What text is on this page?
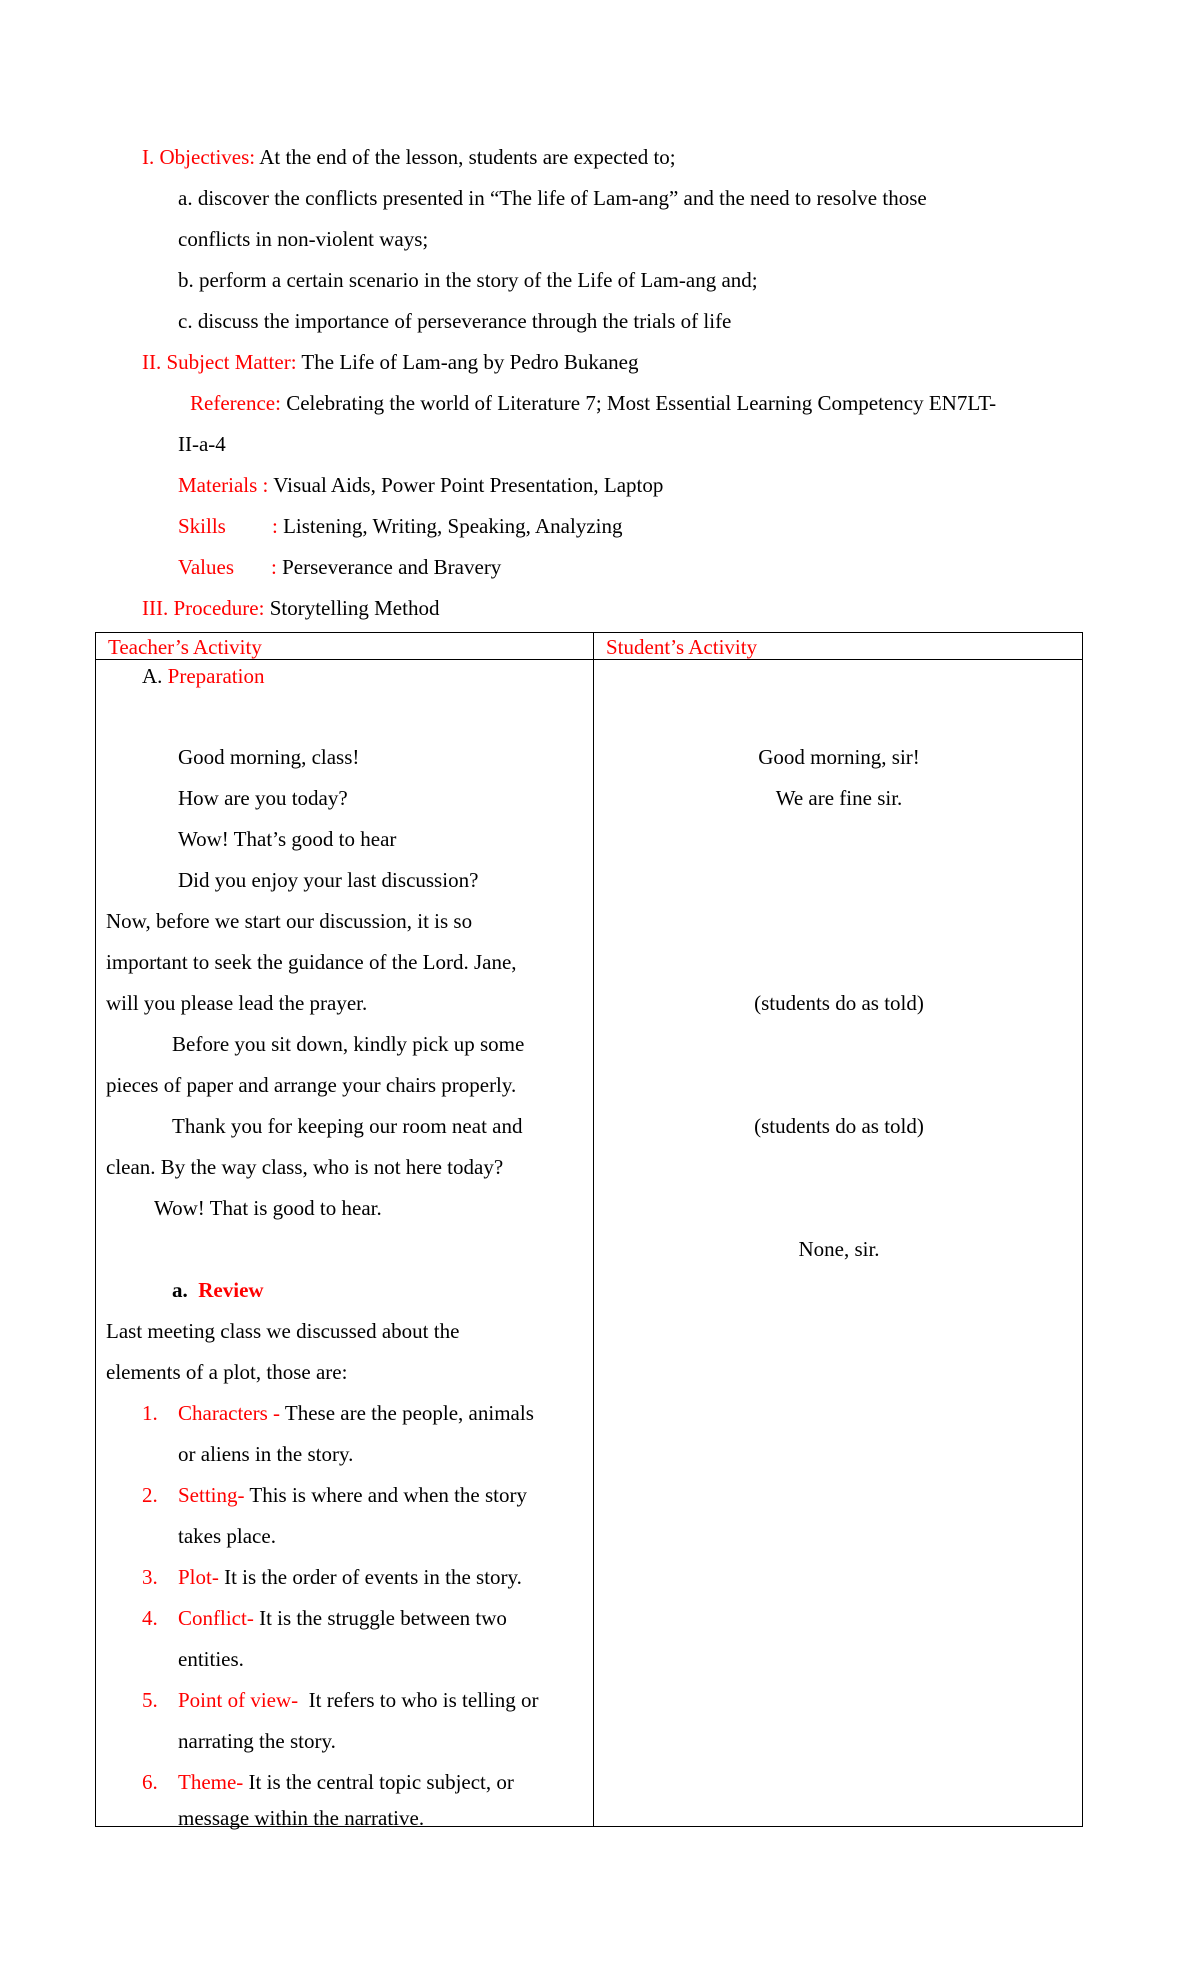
I. Objectives: At the end of the lesson, students are expected to;
a. discover the conflicts presented in “The life of Lam-ang” and the need to resolve those
conflicts in non-violent ways;
b. perform a certain scenario in the story of the Life of Lam-ang and;
c. discuss the importance of perseverance through the trials of life
II. Subject Matter: The Life of Lam-ang by Pedro Bukaneg
Reference: Celebrating the world of Literature 7; Most Essential Learning Competency EN7LT-
II-a-4
Materials : Visual Aids, Power Point Presentation, Laptop
Skills : Listening, Writing, Speaking, Analyzing
Values : Perseverance and Bravery
III. Procedure: Storytelling Method
Teacher’s Activity	Student’s Activity
A. Preparation
Good morning, class!
How are you today?
Wow! That’s good to hear
Did you enjoy your last discussion?
Now, before we start our discussion, it is so
important to seek the guidance of the Lord. Jane,
will you please lead the prayer.
Before you sit down, kindly pick up some
pieces of paper and arrange your chairs properly.
Thank you for keeping our room neat and
clean. By the way class, who is not here today?
Wow! That is good to hear.
a. Review
Last meeting class we discussed about the
elements of a plot, those are:
1. Characters - These are the people, animals
or aliens in the story.
2. Setting- This is where and when the story
takes place.
3. Plot- It is the order of events in the story.
4. Conflict- It is the struggle between two
entities.
5. Point of view-  It refers to who is telling or
narrating the story.
6. Theme- It is the central topic subject, or
message within the narrative.
Good morning, sir!
We are fine sir.
(students do as told)
(students do as told)
None, sir.
